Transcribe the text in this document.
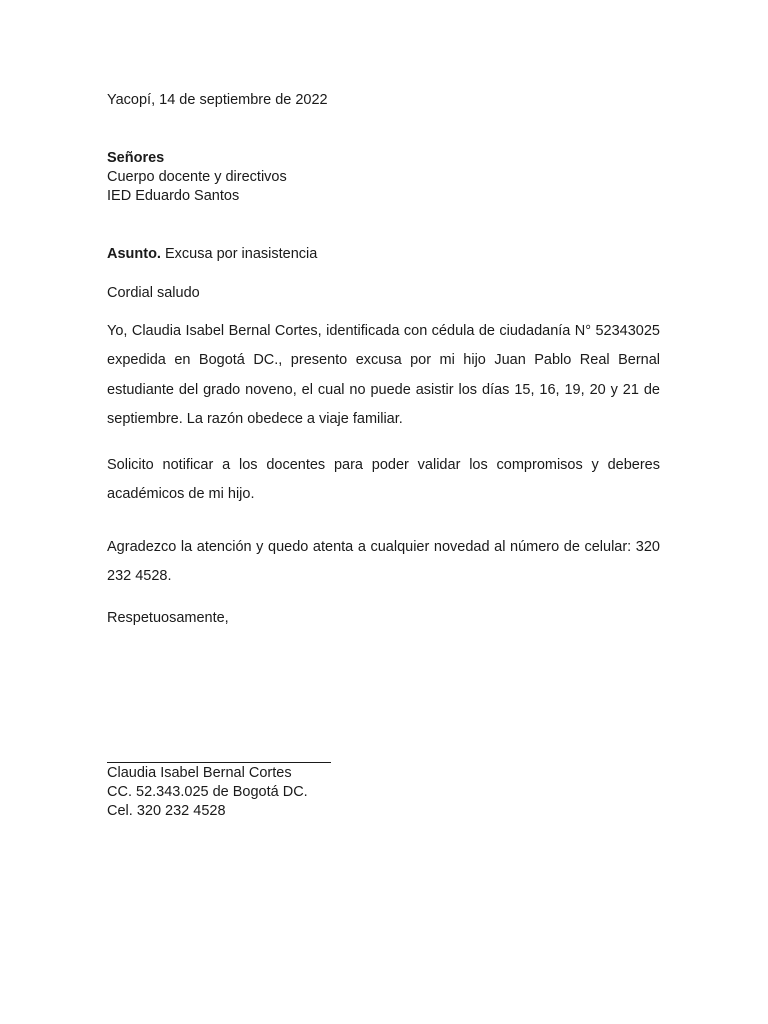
Yacopí, 14 de septiembre de 2022
Señores
Cuerpo docente y directivos
IED Eduardo Santos
Asunto. Excusa por inasistencia
Cordial saludo
Yo, Claudia Isabel Bernal Cortes, identificada con cédula de ciudadanía N° 52343025 expedida en Bogotá DC., presento excusa por mi hijo Juan Pablo Real Bernal estudiante del grado noveno, el cual no puede asistir los días 15, 16, 19, 20 y 21 de septiembre. La razón obedece a viaje familiar.
Solicito notificar a los docentes para poder validar los compromisos y deberes académicos de mi hijo.
Agradezco la atención y quedo atenta a cualquier novedad al número de celular: 320 232 4528.
Respetuosamente,
Claudia Isabel Bernal Cortes
CC. 52.343.025 de Bogotá DC.
Cel. 320 232 4528
